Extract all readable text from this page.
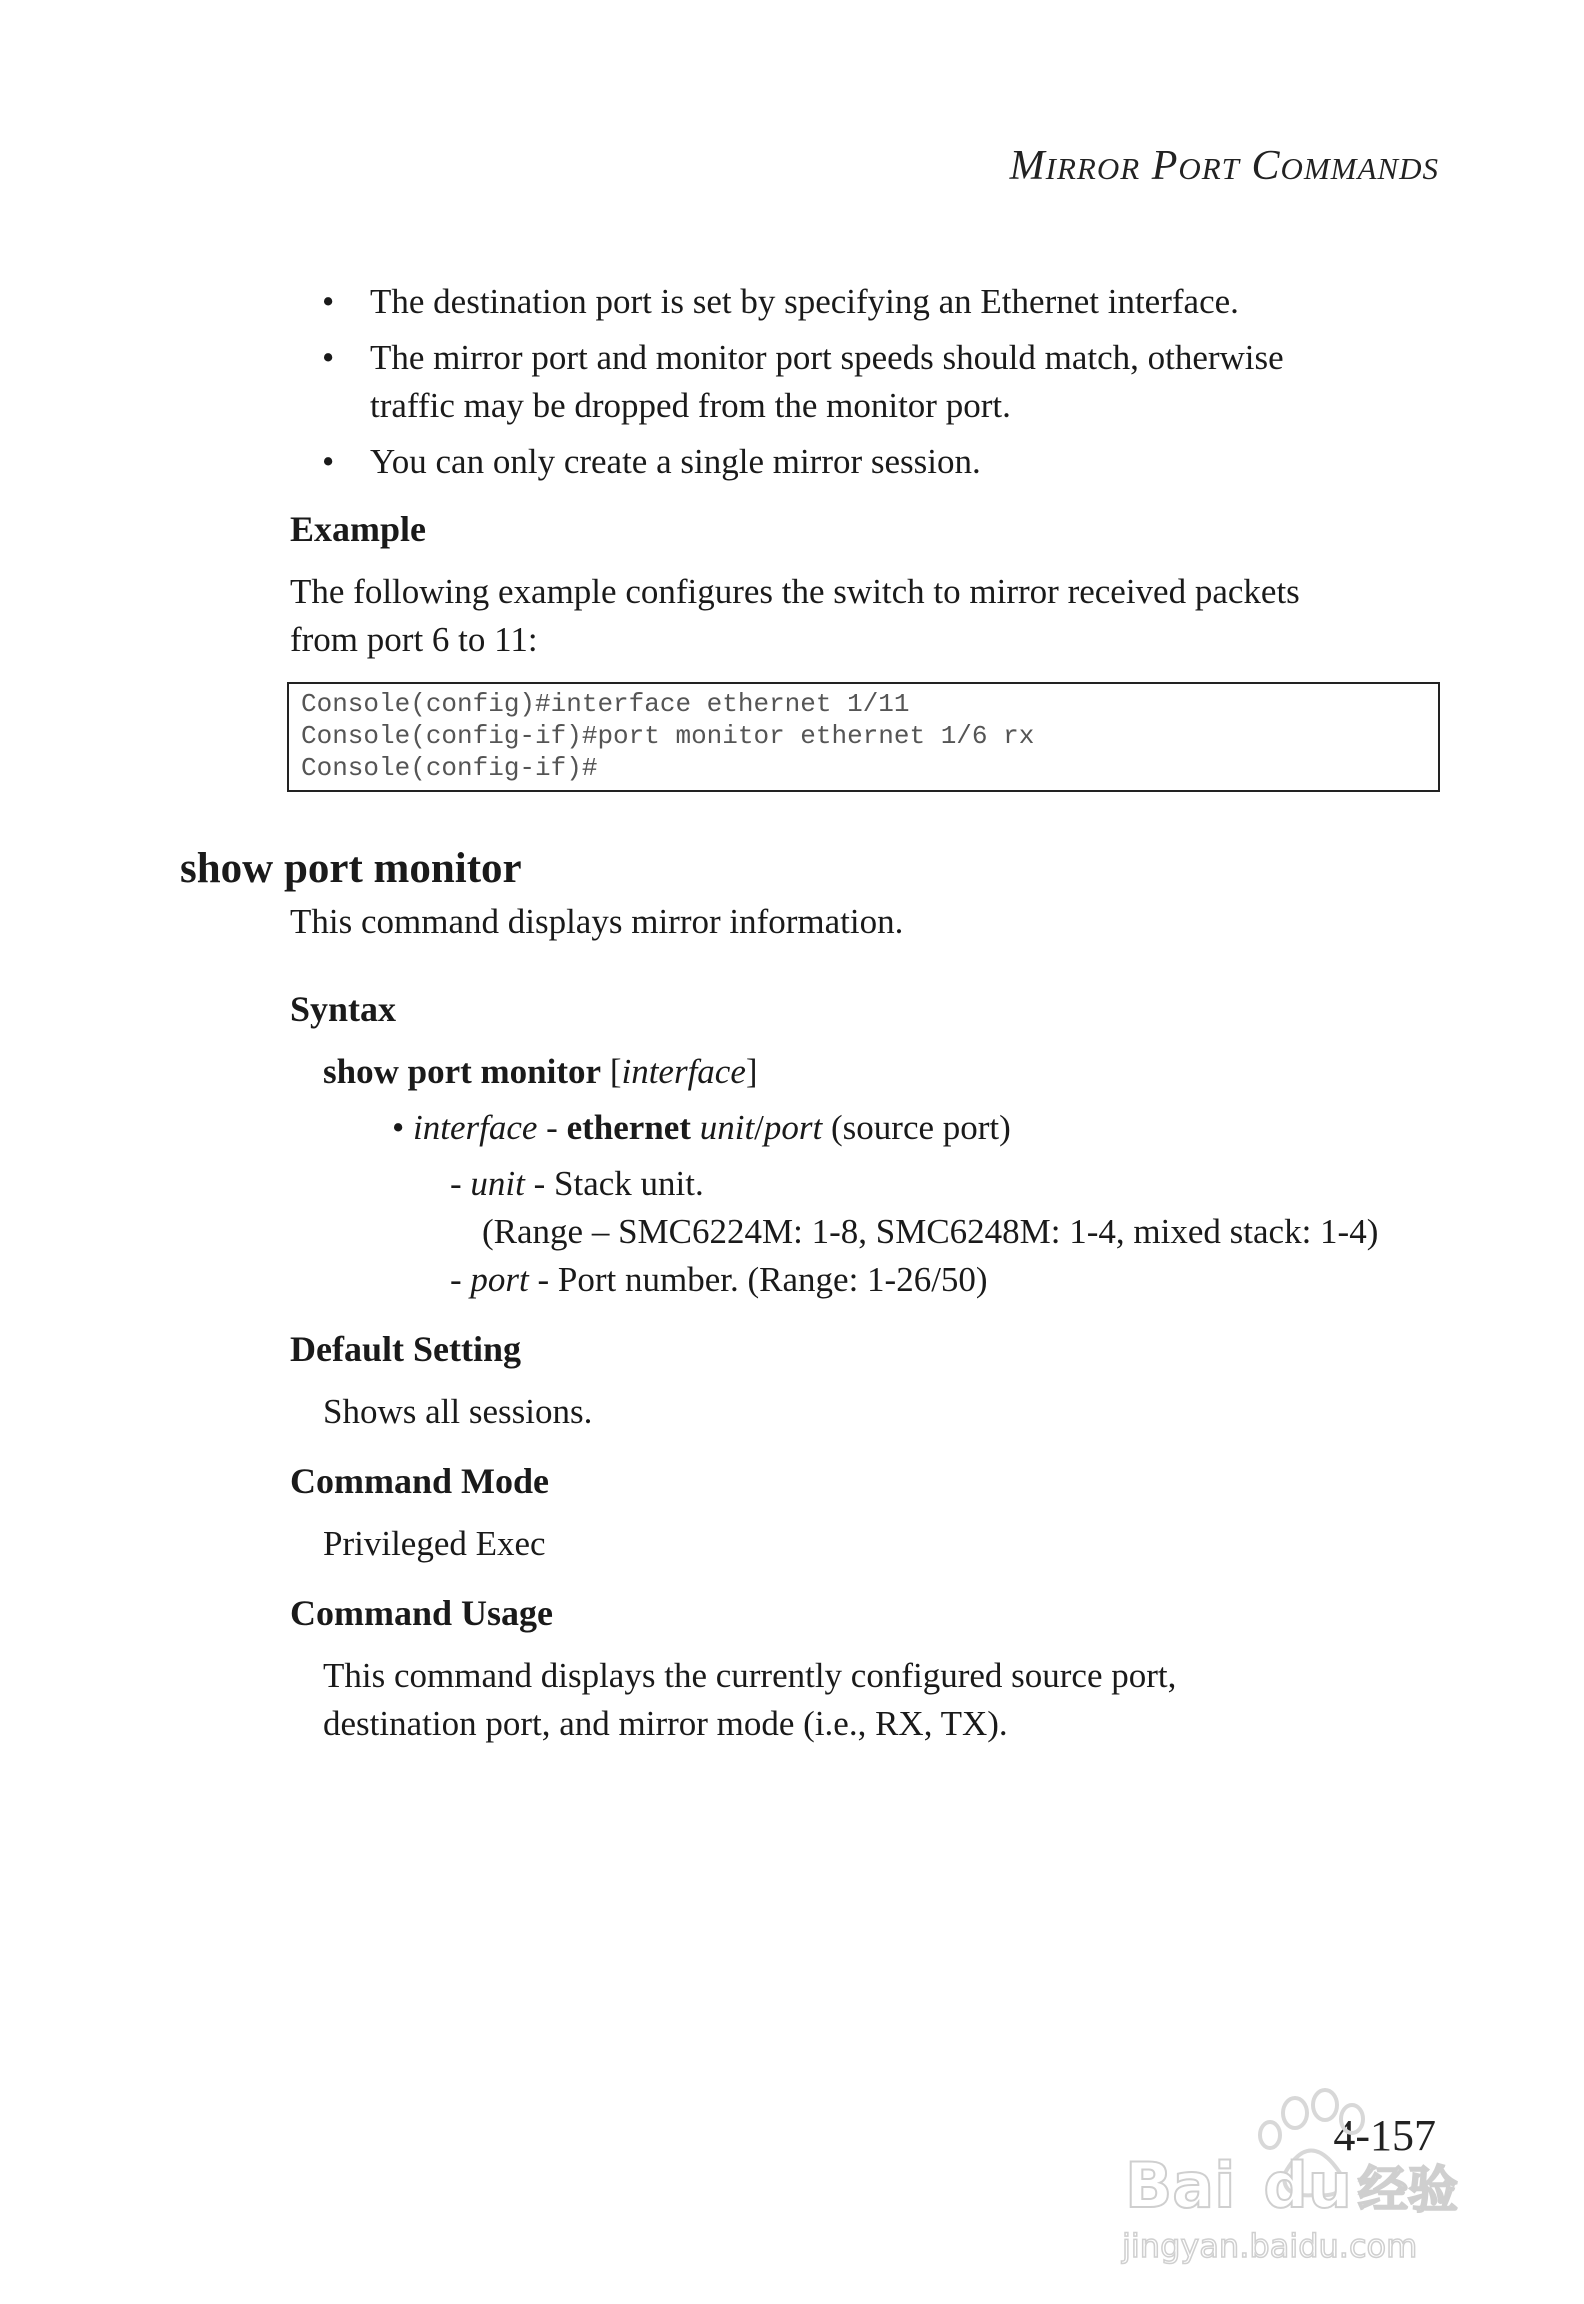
MIRROR PORT COMMANDS
• The destination port is set by specifying an Ethernet interface.
• The mirror port and monitor port speeds should match, otherwise
traffic may be dropped from the monitor port.
• You can only create a single mirror session.
Example
The following example configures the switch to mirror received packets
from port 6 to 11:
Console(config)#interface ethernet 1/11
Console(config-if)#port monitor ethernet 1/6 rx
Console(config-if)#
show port monitor
This command displays mirror information.
Syntax
show port monitor [interface]
• interface - ethernet unit/port (source port)
- unit - Stack unit.
(Range – SMC6224M: 1-8, SMC6248M: 1-4, mixed stack: 1-4)
- port - Port number. (Range: 1-26/50)
Default Setting
Shows all sessions.
Command Mode
Privileged Exec
Command Usage
This command displays the currently configured source port,
destination port, and mirror mode (i.e., RX, TX).
4-157
Bai du 经验
jingyan.baidu.com
